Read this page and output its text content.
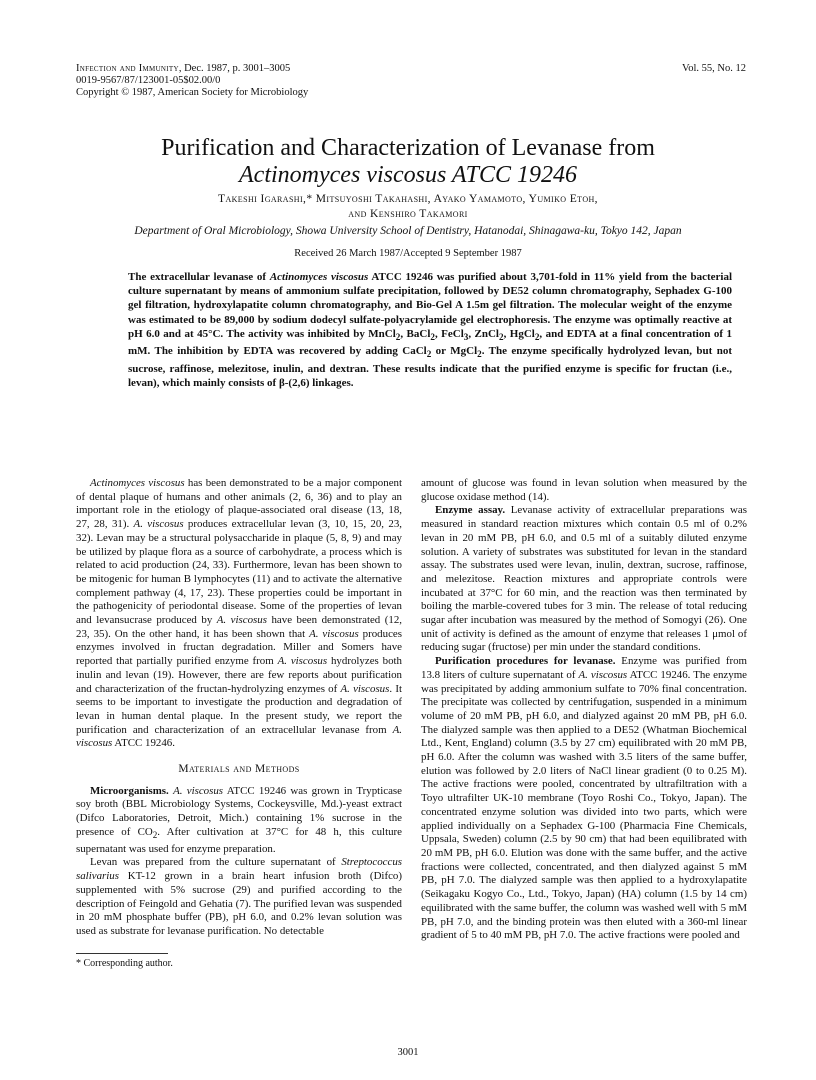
Infection and Immunity, Dec. 1987, p. 3001–3005
0019-9567/87/123001-05$02.00/0
Copyright © 1987, American Society for Microbiology
Vol. 55, No. 12
Purification and Characterization of Levanase from
Actinomyces viscosus ATCC 19246
Takeshi Igarashi,* Mitsuyoshi Takahashi, Ayako Yamamoto, Yumiko Etoh,
and Kenshiro Takamori
Department of Oral Microbiology, Showa University School of Dentistry, Hatanodai, Shinagawa-ku, Tokyo 142, Japan
Received 26 March 1987/Accepted 9 September 1987
The extracellular levanase of Actinomyces viscosus ATCC 19246 was purified about 3,701-fold in 11% yield from the bacterial culture supernatant by means of ammonium sulfate precipitation, followed by DE52 column chromatography, Sephadex G-100 gel filtration, hydroxylapatite column chromatography, and Bio-Gel A 1.5m gel filtration. The molecular weight of the enzyme was estimated to be 89,000 by sodium dodecyl sulfate-polyacrylamide gel electrophoresis. The enzyme was optimally reactive at pH 6.0 and at 45°C. The activity was inhibited by MnCl$_2$, BaCl$_2$, FeCl$_3$, ZnCl$_2$, HgCl$_2$, and EDTA at a final concentration of 1 mM. The inhibition by EDTA was recovered by adding CaCl$_2$ or MgCl$_2$. The enzyme specifically hydrolyzed levan, but not sucrose, raffinose, melezitose, inulin, and dextran. These results indicate that the purified enzyme is specific for fructan (i.e., levan), which mainly consists of β-(2,6) linkages.

Actinomyces viscosus has been demonstrated to be a major component of dental plaque of humans and other animals (2, 6, 36) and to play an important role in the etiology of plaque-associated oral disease (13, 18, 27, 28, 31). A. viscosus produces extracellular levan (3, 10, 15, 20, 23, 32). Levan may be a structural polysaccharide in plaque (5, 8, 9) and may be utilized by plaque flora as a source of carbohydrate, a process which is related to acid production (24, 33). Furthermore, levan has been shown to be mitogenic for human B lymphocytes (11) and to activate the alternative complement pathway (4, 17, 23). These properties could be important in the pathogenicity of periodontal disease. Some of the properties of levan and levansucrase produced by A. viscosus have been demonstrated (12, 23, 35). On the other hand, it has been shown that A. viscosus produces enzymes involved in fructan degradation. Miller and Somers have reported that partially purified enzyme from A. viscosus hydrolyzes both inulin and levan (19). However, there are few reports about purification and characterization of the fructan-hydrolyzing enzymes of A. viscosus. It seems to be important to investigate the production and degradation of levan in human dental plaque. In the present study, we report the purification and characterization of an extracellular levanase from A. viscosus ATCC 19246.

Materials and Methods

Microorganisms. A. viscosus ATCC 19246 was grown in Trypticase soy broth (BBL Microbiology Systems, Cockeysville, Md.)-yeast extract (Difco Laboratories, Detroit, Mich.) containing 1% sucrose in the presence of $CO_2$. After cultivation at 37°C for 48 h, this culture supernatant was used for enzyme preparation.

Levan was prepared from the culture supernatant of Streptococcus salivarius KT-12 grown in a brain heart infusion broth (Difco) supplemented with 5% sucrose (29) and purified according to the description of Feingold and Gehatia (7). The purified levan was suspended in 20 mM phosphate buffer (PB), pH 6.0, and 0.2% levan solution was used as substrate for levanase purification. No detectable

* Corresponding author.

amount of glucose was found in levan solution when measured by the glucose oxidase method (14).

Enzyme assay. Levanase activity of extracellular preparations was measured in standard reaction mixtures which contain 0.5 ml of 0.2% levan in 20 mM PB, pH 6.0, and 0.5 ml of a suitably diluted enzyme solution. A variety of substrates was substituted for levan in the standard assay. The substrates used were levan, inulin, dextran, sucrose, raffinose, and melezitose. Reaction mixtures and appropriate controls were incubated at 37°C for 60 min, and the reaction was then terminated by boiling the marble-covered tubes for 3 min. The release of total reducing sugar after incubation was measured by the method of Somogyi (26). One unit of activity is defined as the amount of enzyme that releases 1 μmol of reducing sugar (fructose) per min under the standard conditions.

Purification procedures for levanase. Enzyme was purified from 13.8 liters of culture supernatant of A. viscosus ATCC 19246. The enzyme was precipitated by adding ammonium sulfate to 70% final concentration. The precipitate was collected by centrifugation, suspended in a minimum volume of 20 mM PB, pH 6.0, and dialyzed against 20 mM PB, pH 6.0. The dialyzed sample was then applied to a DE52 (Whatman Biochemical Ltd., Kent, England) column (3.5 by 27 cm) equilibrated with 20 mM PB, pH 6.0. After the column was washed with 3.5 liters of the same buffer, elution was followed by 2.0 liters of NaCl linear gradient (0 to 0.25 M). The active fractions were pooled, concentrated by ultrafiltration with a Toyo ultrafilter UK-10 membrane (Toyo Roshi Co., Tokyo, Japan). The concentrated enzyme solution was divided into two parts, which were applied individually on a Sephadex G-100 (Pharmacia Fine Chemicals, Uppsala, Sweden) column (2.5 by 90 cm) that had been equilibrated with 20 mM PB, pH 6.0. Elution was done with the same buffer, and the active fractions were collected, concentrated, and then dialyzed against 5 mM PB, pH 7.0. The dialyzed sample was then applied to a hydroxylapatite (Seikagaku Kogyo Co., Ltd., Tokyo, Japan) (HA) column (1.5 by 14 cm) equilibrated with the same buffer, the column was washed well with 5 mM PB, pH 7.0, and the binding protein was then eluted with a 360-ml linear gradient of 5 to 40 mM PB, pH 7.0. The active fractions were pooled and

3001
